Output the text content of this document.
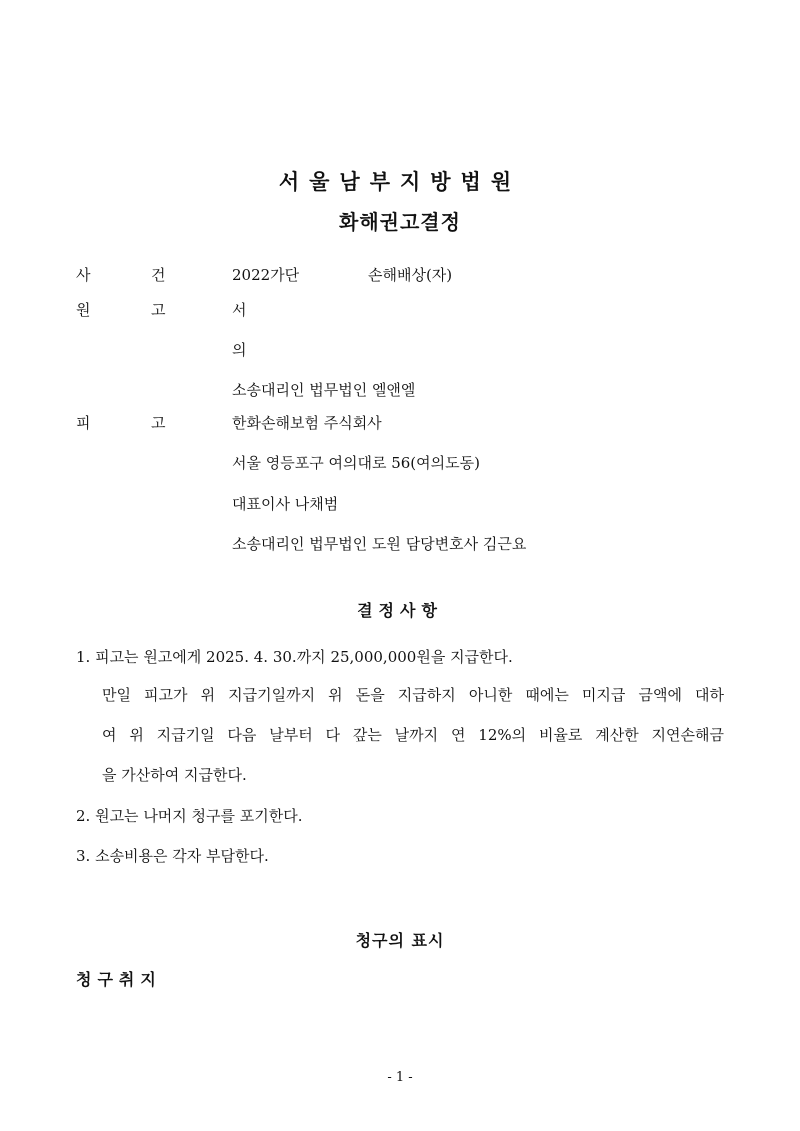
서울남부지방법원
화해권고결정
사	건	2022가단	손해배상(자)
원	고	서
의
소송대리인 법무법인 엘앤엘
피	고	한화손해보험 주식회사
서울 영등포구 여의대로 56(여의도동)
대표이사 나채범
소송대리인 법무법인 도원 담당변호사 김근요
결정사항
1. 피고는 원고에게 2025. 4. 30.까지 25,000,000원을 지급한다.
만일 피고가 위 지급기일까지 위 돈을 지급하지 아니한 때에는 미지급 금액에 대하
여 위 지급기일 다음 날부터 다 갚는 날까지 연 12%의 비율로 계산한 지연손해금
을 가산하여 지급한다.
2. 원고는 나머지 청구를 포기한다.
3. 소송비용은 각자 부담한다.
청구의 표시
청구취지
- 1 -
